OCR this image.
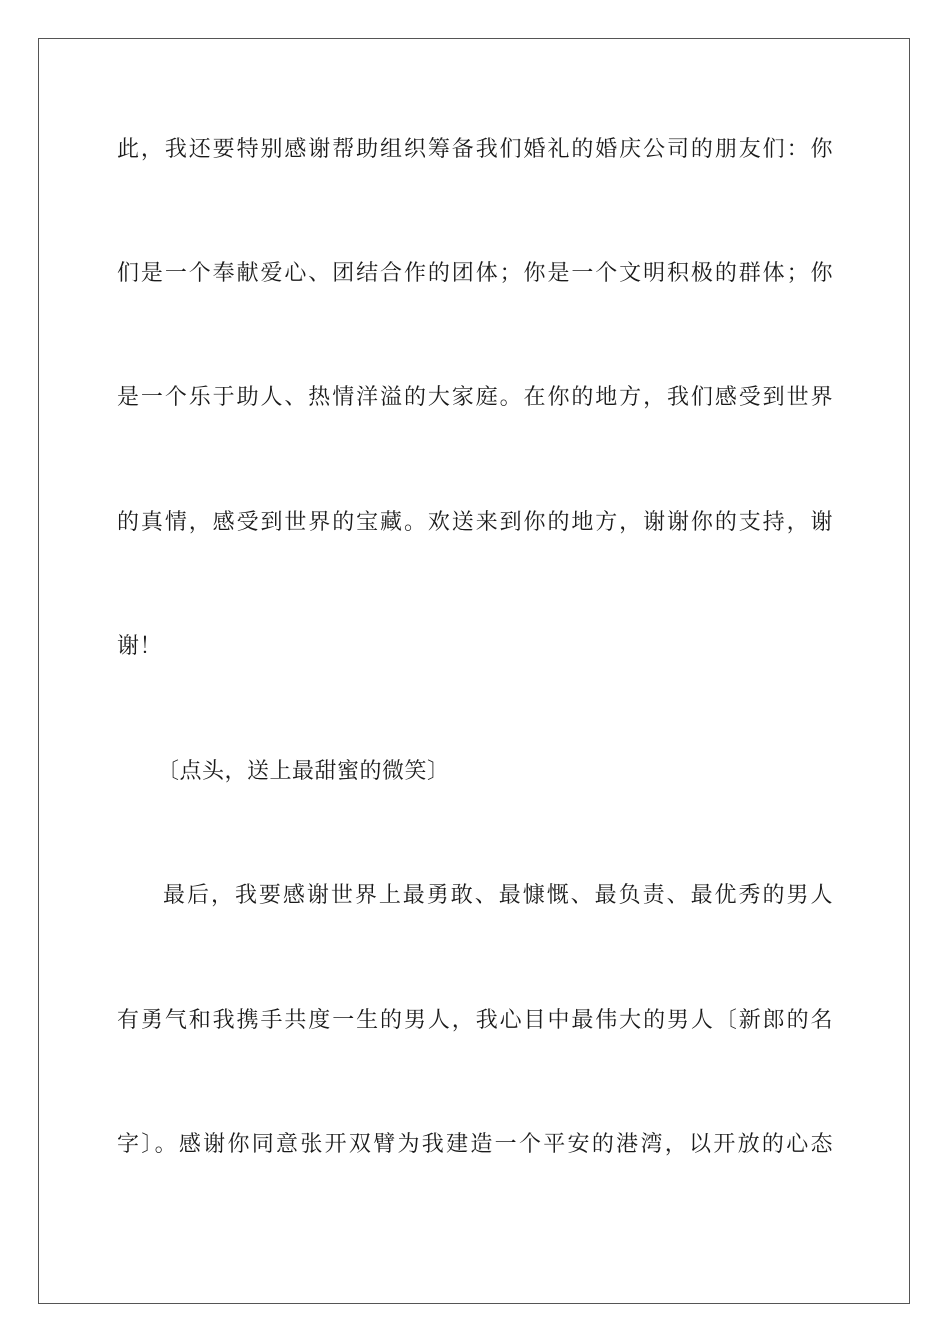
此，我还要特别感谢帮助组织筹备我们婚礼的婚庆公司的朋友们：你
们是一个奉献爱心、团结合作的团体；你是一个文明积极的群体；你
是一个乐于助人、热情洋溢的大家庭。在你的地方，我们感受到世界
的真情，感受到世界的宝藏。欢送来到你的地方，谢谢你的支持，谢
谢！
〔点头，送上最甜蜜的微笑〕
最后，我要感谢世界上最勇敢、最慷慨、最负责、最优秀的男人
有勇气和我携手共度一生的男人，我心目中最伟大的男人〔新郎的名
字〕。感谢你同意张开双臂为我建造一个平安的港湾，以开放的心态
